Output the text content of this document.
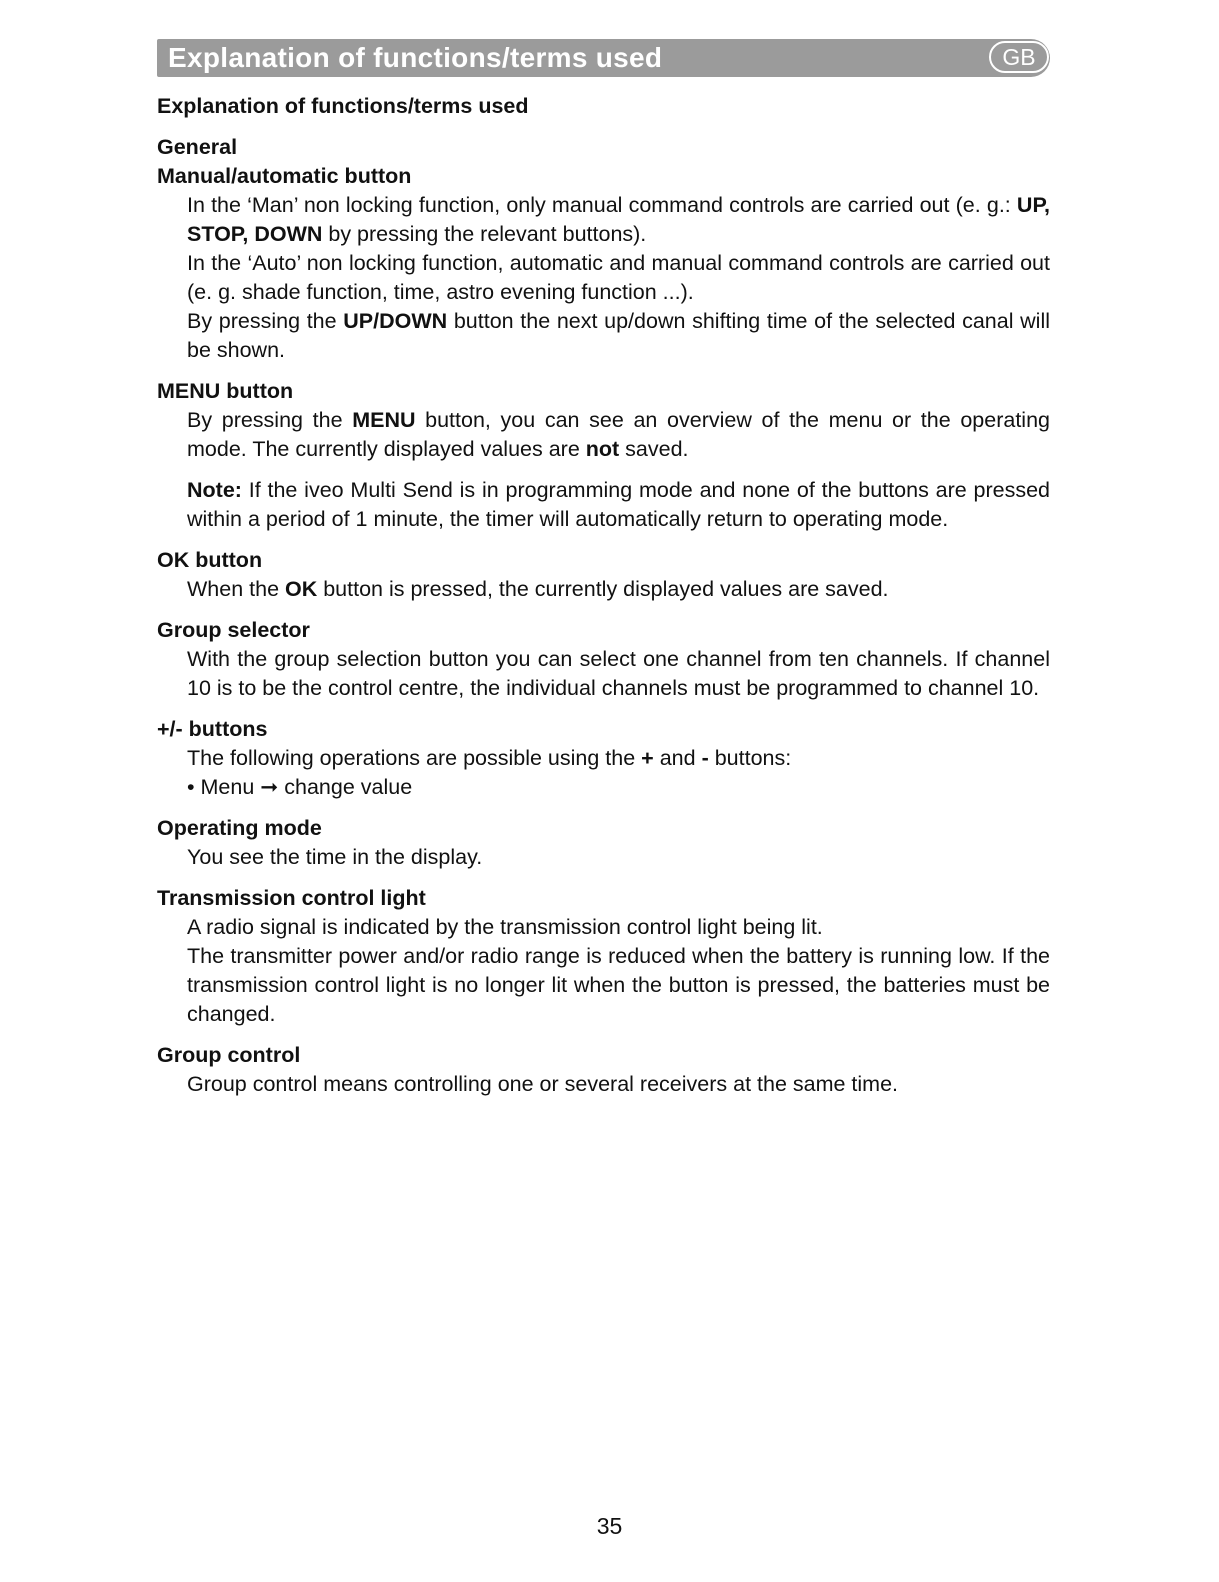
Explanation of functions/terms used	GB
Explanation of functions/terms used
General
Manual/automatic button

In the ‘Man’ non locking function, only manual command controls are carried out (e. g.: UP, STOP, DOWN by pressing the relevant buttons).

In the ‘Auto’ non locking function, automatic and manual command controls are carried out (e. g. shade function, time, astro evening function ...).

By pressing the UP/DOWN button the next up/down shifting time of the selected canal will be shown.

MENU button

By pressing the MENU button, you can see an overview of the menu or the operating mode. The currently displayed values are not saved.

Note: If the iveo Multi Send is in programming mode and none of the buttons are pressed within a period of 1 minute, the timer will automatically return to operating mode.

OK button

When the OK button is pressed, the currently displayed values are saved.

Group selector

With the group selection button you can select one channel from ten channels. If channel 10 is to be the control centre, the individual channels must be programmed to channel 10.

+/- buttons

The following operations are possible using the + and - buttons:

• Menu ➞ change value

Operating mode

You see the time in the display.

Transmission control light

A radio signal is indicated by the transmission control light being lit.

The transmitter power and/or radio range is reduced when the battery is running low. If the transmission control light is no longer lit when the button is pressed, the batteries must be changed.

Group control

Group control means controlling one or several receivers at the same time.

35
